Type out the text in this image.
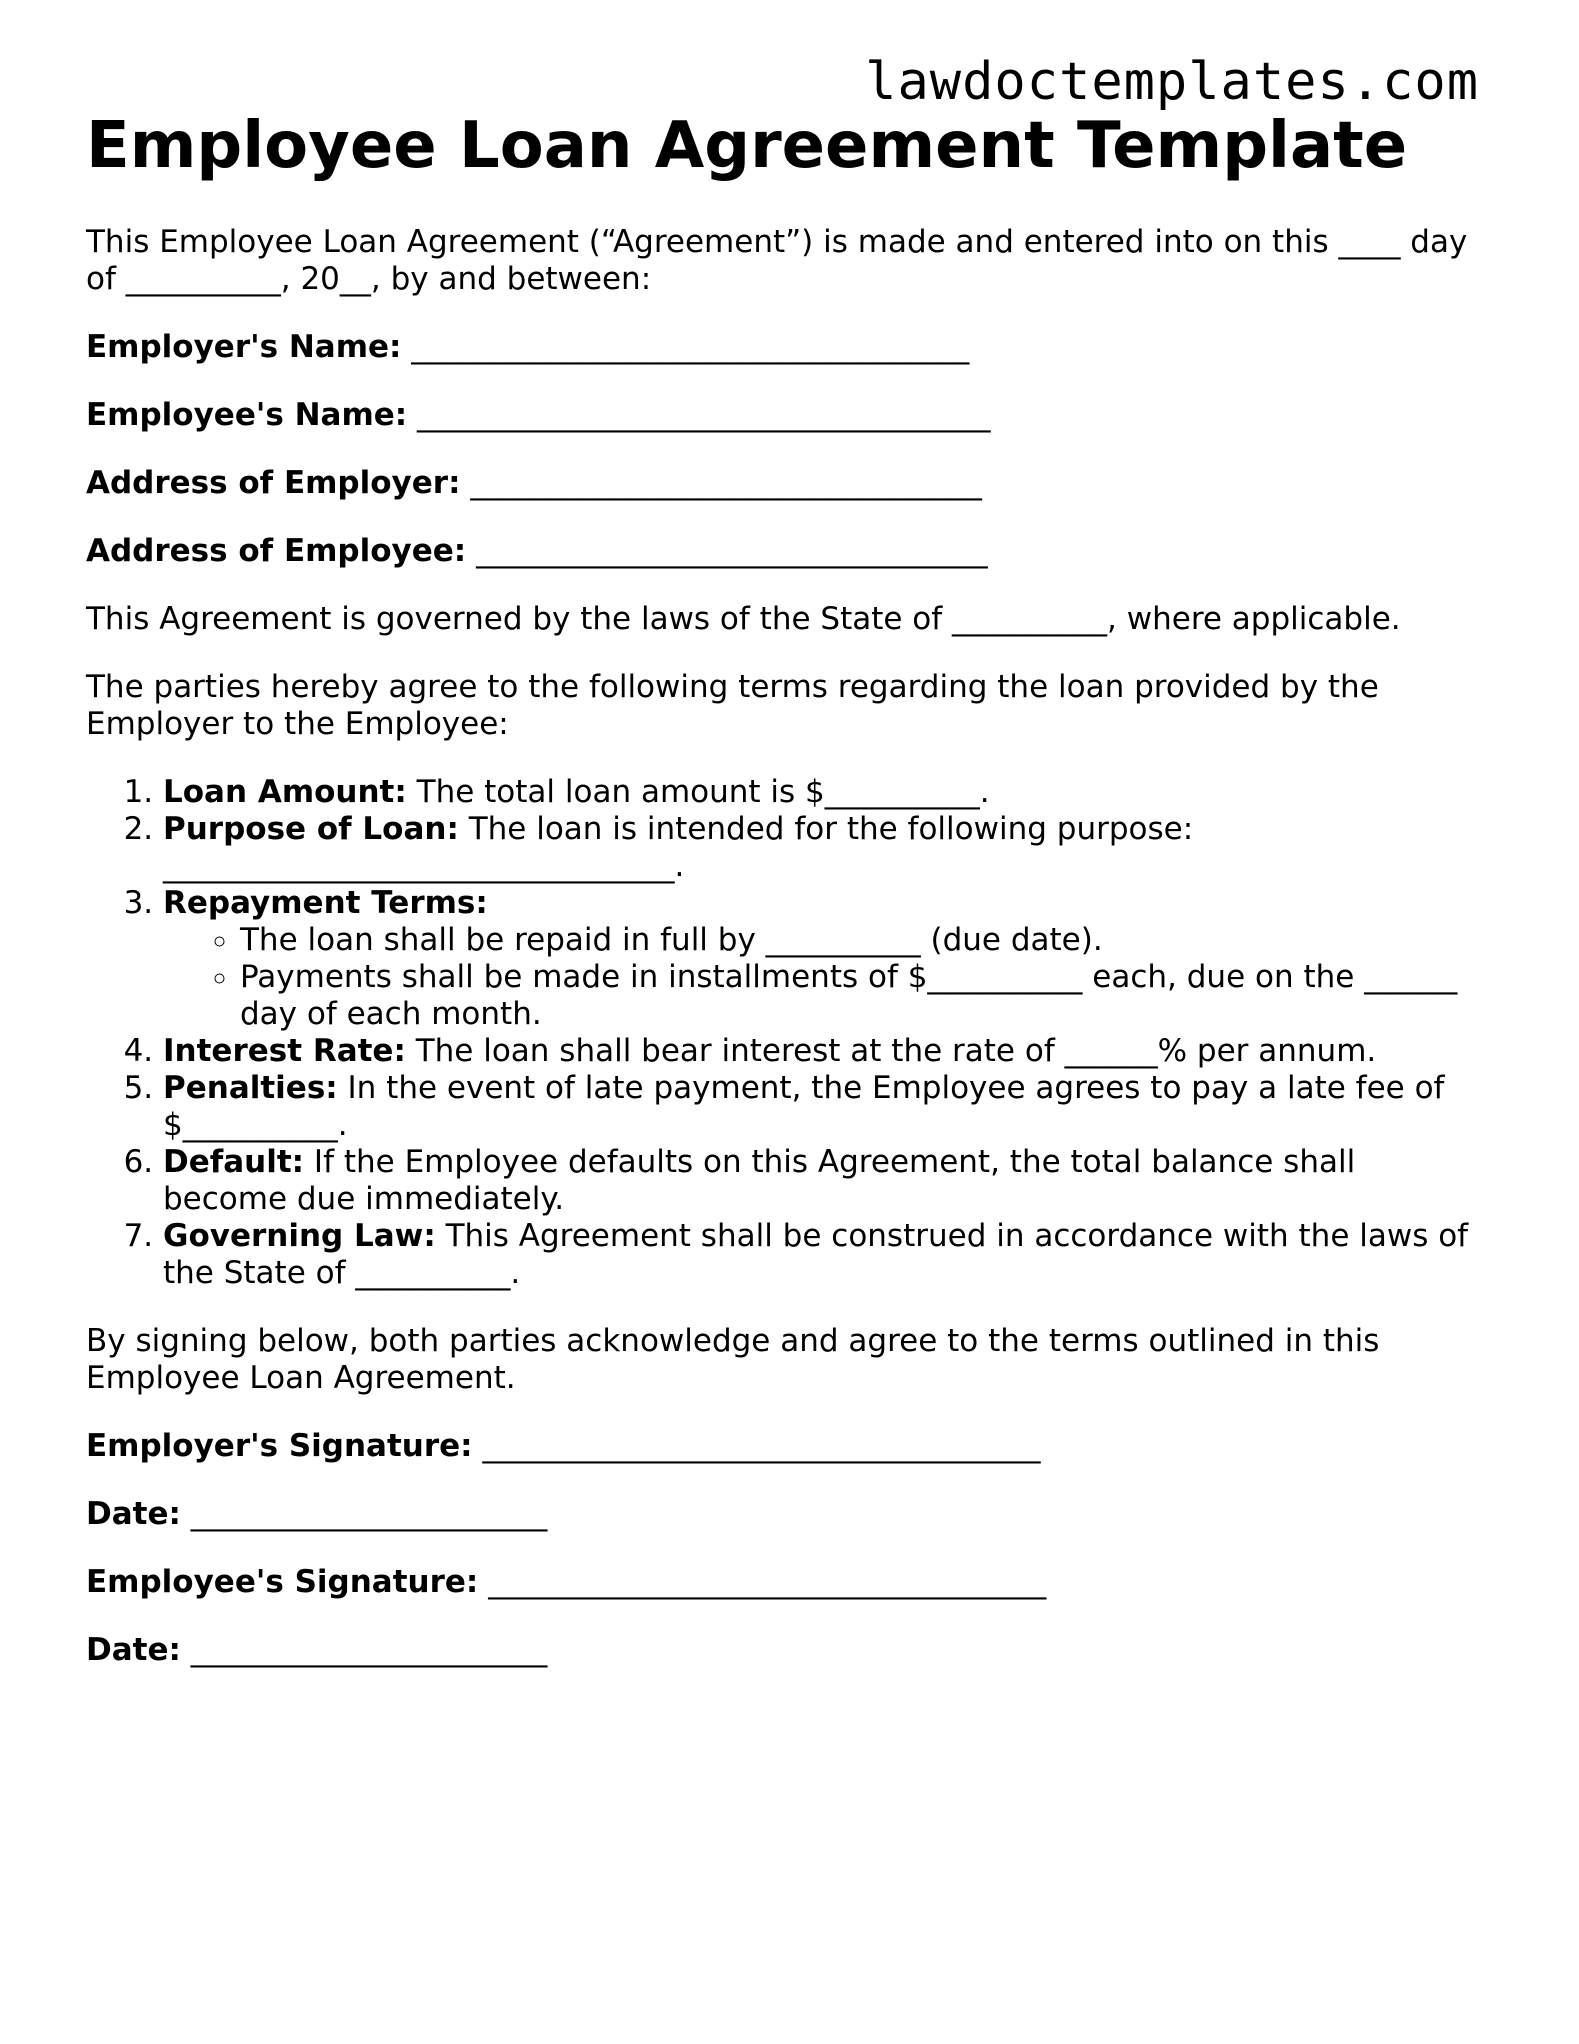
lawdoctemplates.com
Employee Loan Agreement Template

This Employee Loan Agreement (“Agreement”) is made and entered into on this ____ day of __________, 20__, by and between:

Employer's Name: ____________________________________

Employee's Name: _____________________________________

Address of Employer: _________________________________

Address of Employee: _________________________________

This Agreement is governed by the laws of the State of __________, where applicable.

The parties hereby agree to the following terms regarding the loan provided by the Employer to the Employee:

1. Loan Amount: The total loan amount is $__________.
2. Purpose of Loan: The loan is intended for the following purpose: _________________________________.
3. Repayment Terms:
◦ The loan shall be repaid in full by __________ (due date).
◦ Payments shall be made in installments of $__________ each, due on the ______ day of each month.
4. Interest Rate: The loan shall bear interest at the rate of ______% per annum.
5. Penalties: In the event of late payment, the Employee agrees to pay a late fee of $__________.
6. Default: If the Employee defaults on this Agreement, the total balance shall become due immediately.
7. Governing Law: This Agreement shall be construed in accordance with the laws of the State of __________.

By signing below, both parties acknowledge and agree to the terms outlined in this Employee Loan Agreement.

Employer's Signature: ____________________________________

Date: _______________________

Employee's Signature: ____________________________________

Date: _______________________
